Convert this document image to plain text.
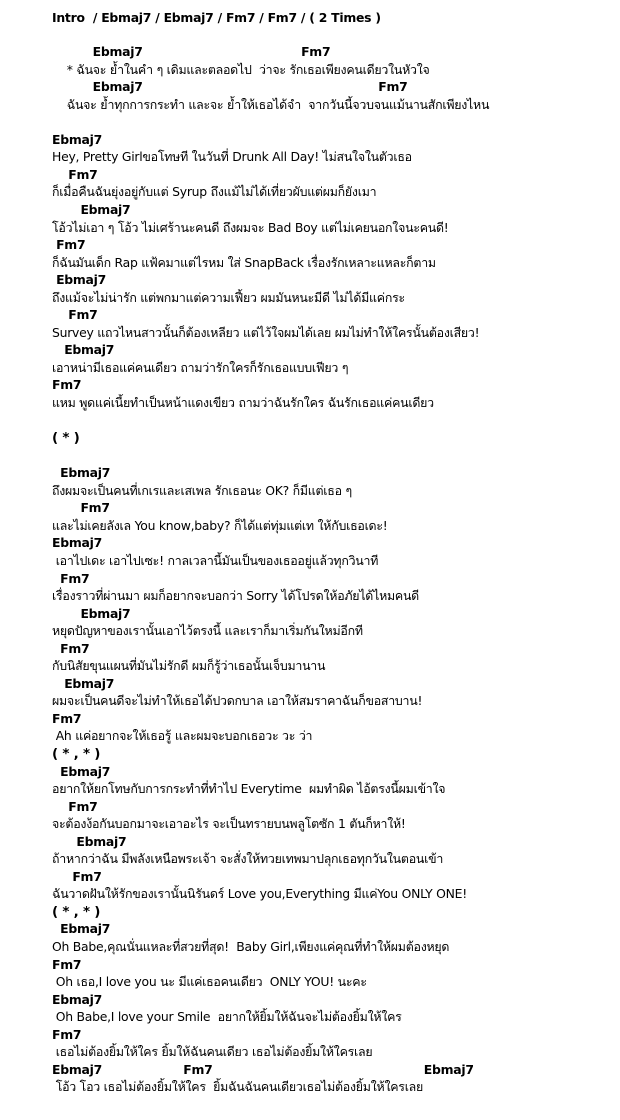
Intro  / Ebmaj7 / Ebmaj7 / Fm7 / Fm7 / ( 2 Times )
Ebmaj7                                       Fm7
* ฉันจะ ย้ำในคำ ๆ เดิมและตลอดไป  ว่าจะ รักเธอเพียงคนเดียวในหัวใจ
Ebmaj7                                                          Fm7
ฉันจะ ย้ำทุกการกระทำ และจะ ย้ำให้เธอได้จำ  จากวันนี้จวบจนแม้นานสักเพียงไหน
Ebmaj7
Hey, Pretty Girlขอโทษที ในวันที่ Drunk All Day! ไม่สนใจในตัวเธอ
Fm7
ก็เมื่อคืนฉันยุ่งอยู่กับแต่ Syrup ถึงแม้ไม่ได้เที่ยวผับแต่ผมก็ยังเมา
Ebmaj7
โอ้วไม่เอา ๆ โอ้ว ไม่เศร้านะคนดี ถึงผมจะ Bad Boy แต่ไม่เคยนอกใจนะคนดี!
Fm7
ก็ฉันมันเด็ก Rap แฟ้คมาแต่ไรหม ใส่ SnapBack เรื่องรักเหลาะแหละก็ตาม
Ebmaj7
ถึงแม้จะไม่น่ารัก แต่พกมาแต่ความเฟี้ยว ผมมันหนะมีดี ไม่ได้มีแค่กระ
Fm7
Survey แถวไหนสาวนั้นก็ต้องเหลียว แต่ไว้ใจผมได้เลย ผมไม่ทำให้ใครนั้นต้องเสียว!
Ebmaj7
เอาหน่ามีเธอแค่คนเดียว ถามว่ารักใครก็รักเธอแบบเฟียว ๆ
Fm7
แหม พูดแค่เนี้ยทำเป็นหน้าแดงเขียว ถามว่าฉันรักใคร ฉันรักเธอแค่คนเดียว
( * )
Ebmaj7
ถึงผมจะเป็นคนที่เกเรและเสเพล รักเธอนะ OK? ก็มีแต่เธอ ๆ
Fm7
และไม่เคยลังเล You know,baby? ก็ได้แต่ทุ่มแต่เท ให้กับเธอเดะ!
Ebmaj7
เอาไปเดะ เอาไปเซะ! กาลเวลานี้มันเป็นของเธออยู่แล้วทุกวินาที
Fm7
เรื่องราวที่ผ่านมา ผมก็อยากจะบอกว่า Sorry ได้โปรดให้อภัยได้ไหมคนดี
Ebmaj7
หยุดปัญหาของเรานั้นเอาไว้ตรงนี้ และเราก็มาเริ่มกันใหม่อีกที
Fm7
กับนิสัยขุนแผนที่มันไม่รักดี ผมก็รู้ว่าเธอนั้นเจ็บมานาน
Ebmaj7
ผมจะเป็นคนดีจะไม่ทำให้เธอได้ปวดกบาล เอาให้สมราคาฉันก็ขอสาบาน!
Fm7
Ah แค่อยากจะให้เธอรู้ และผมจะบอกเธอวะ วะ ว่า
( * , * )
Ebmaj7
อยากให้ยกโทษกับการกระทำที่ทำไป Everytime  ผมทำผิด ไอ้ตรงนี้ผมเข้าใจ
Fm7
จะต้องง้อกันบอกมาจะเอาอะไร จะเป็นทรายบนพลูโตซัก 1 ตันก็หาให้!
Ebmaj7
ถ้าหากว่าฉัน มีพลังเหนือพระเจ้า จะสั่งให้ทวยเทพมาปลุกเธอทุกวันในตอนเข้า
Fm7
ฉันวาดฝันให้รักของเรานั้นนิรันดร์ Love you,Everything มีแค่You ONLY ONE!
( * , * )
Ebmaj7
Oh Babe,คุณนั่นแหละที่สวยที่สุด!  Baby Girl,เพียงแค่คุณที่ทำให้ผมต้องหยุด
Fm7
Oh เธอ,I love you นะ มีแค่เธอคนเดียว  ONLY YOU! นะคะ
Ebmaj7
Oh Babe,I love your Smile  อยากให้ยิ้มให้ฉันจะไม่ต้องยิ้มให้ใคร
Fm7
เธอไม่ต้องยิ้มให้ใคร ยิ้มให้ฉันคนเดียว เธอไม่ต้องยิ้มให้ใครเลย
Ebmaj7                    Fm7                                                    Ebmaj7
โอ้ว โอว เธอไม่ต้องยิ้มให้ใคร  ยิ้มฉันฉันคนเดียวเธอไม่ต้องยิ้มให้ใครเลย
